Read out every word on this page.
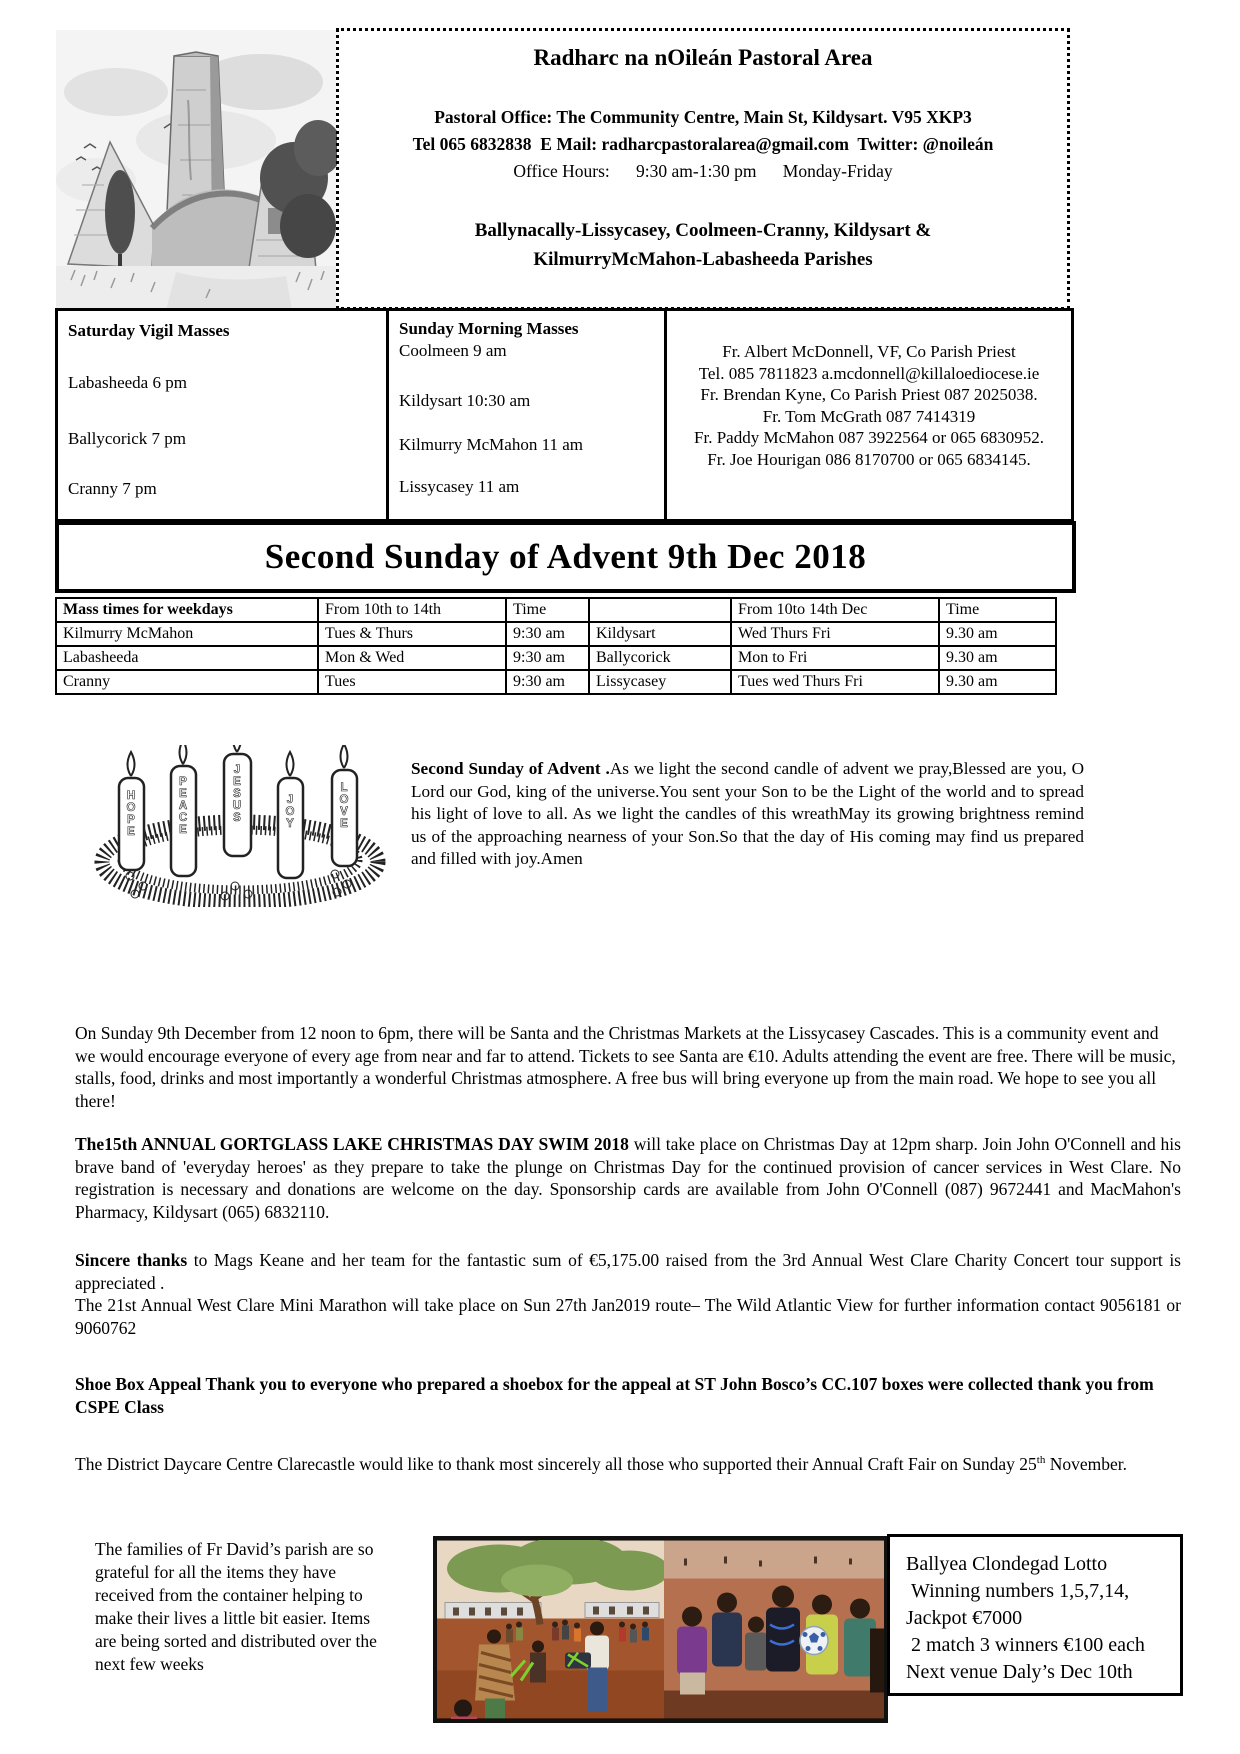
Radharc na nOileán Pastoral Area
Pastoral Office: The Community Centre, Main St, Kildysart. V95 XKP3
Tel 065 6832838  E Mail: radharcpastoralarea@gmail.com  Twitter: @noileán
Office Hours:      9:30 am-1:30 pm      Monday-Friday
Ballynacally-Lissycasey, Coolmeen-Cranny, Kildysart &
KilmurryMcMahon-Labasheeda Parishes
Saturday Vigil Masses
Labasheeda 6 pm
Ballycorick 7 pm
Cranny 7 pm
Sunday Morning Masses
Coolmeen 9 am
Kildysart 10:30 am
Kilmurry McMahon 11 am
Lissycasey 11 am
Fr. Albert McDonnell, VF, Co Parish Priest
Tel. 085 7811823 a.mcdonnell@killaloediocese.ie
Fr. Brendan Kyne, Co Parish Priest 087 2025038.
Fr. Tom McGrath 087 7414319
Fr. Paddy McMahon 087 3922564 or 065 6830952.
Fr. Joe Hourigan 086 8170700 or 065 6834145.
Second Sunday of Advent 9th Dec 2018
Mass times for weekdays	From 10th to 14th	Time		From 10to 14th Dec	Time
Kilmurry McMahon	Tues & Thurs	9:30 am	Kildysart	Wed Thurs Fri	9.30 am
Labasheeda	Mon & Wed	9:30 am	Ballycorick	Mon to Fri	9.30 am
Cranny	Tues	9:30 am	Lissycasey	Tues wed Thurs Fri	9.30 am
HOPE	PEACE	JESUS	JOY	LOVE
Second Sunday of Advent .As we light the second candle of advent we pray,Blessed are you, O Lord our God, king of the universe.You sent your Son to be the Light of the world and to spread his light of love to all. As we light the candles of this wreathMay its growing brightness remind us of the approaching nearness of your Son.So that the day of His coming may find us prepared and filled with joy.Amen
On Sunday 9th December from 12 noon to 6pm, there will be Santa and the Christmas Markets at the Lissycasey Cascades. This is a community event and we would encourage everyone of every age from near and far to attend. Tickets to see Santa are €10. Adults attending the event are free. There will be music, stalls, food, drinks and most importantly a wonderful Christmas atmosphere. A free bus will bring everyone up from the main road. We hope to see you all there!
The15th ANNUAL GORTGLASS LAKE CHRISTMAS DAY SWIM 2018 will take place on Christmas Day at 12pm sharp. Join John O'Connell and his brave band of 'everyday heroes' as they prepare to take the plunge on Christmas Day for the continued provision of cancer services in West Clare. No registration is necessary and donations are welcome on the day. Sponsorship cards are available from John O'Connell (087) 9672441 and MacMahon's Pharmacy, Kildysart (065) 6832110.
Sincere thanks to Mags Keane and her team for the fantastic sum of €5,175.00 raised from the 3rd Annual West Clare Charity Concert tour support is appreciated .
The 21st Annual West Clare Mini Marathon will take place on Sun 27th Jan2019 route– The Wild Atlantic View for further information contact 9056181 or 9060762
Shoe Box Appeal Thank you to everyone who prepared a shoebox for the appeal at ST John Bosco’s CC.107 boxes were collected thank you from CSPE Class
The District Daycare Centre Clarecastle would like to thank most sincerely all those who supported their Annual Craft Fair on Sunday 25th November.
The families of Fr David’s parish are so grateful for all the items they have received from the container helping to make their lives a little bit easier. Items are being sorted and distributed over the next few weeks
Ballyea Clondegad Lotto
Winning numbers 1,5,7,14,
Jackpot €7000
2 match 3 winners €100 each
Next venue Daly’s Dec 10th
